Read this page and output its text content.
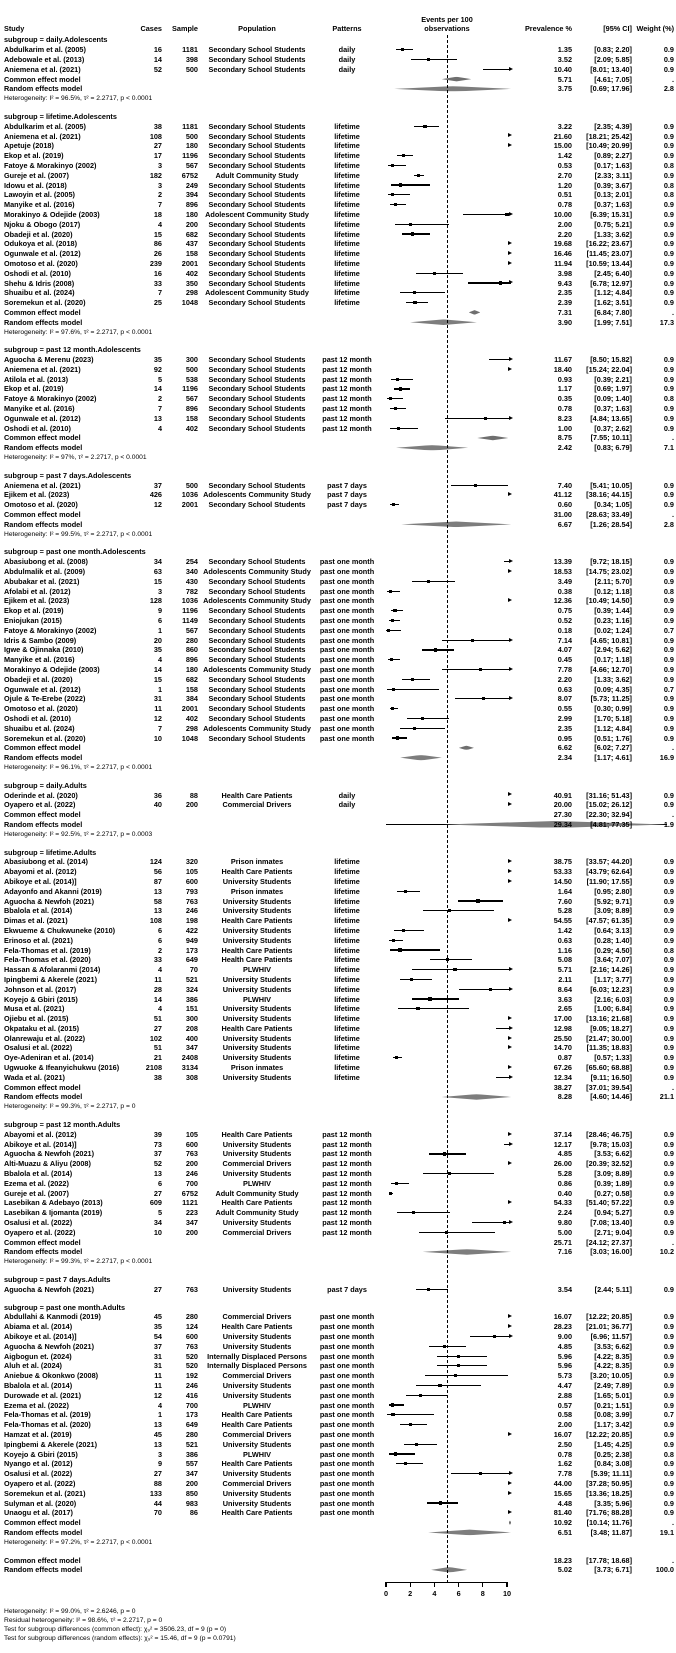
Study	Cases	Sample	Population	Patterns
Events per 100
observations	Prevalence %	[95% CI] Weight (%)
subgroup = daily.Adolescents
Abdulkarim et al. (2005)	16	1181	Secondary School Students	daily	1.35	[0.83; 2.20]	0.9
Adebowale et al. (2013)	14	398	Secondary School Students	daily	3.52	[2.09; 5.85]	0.9
Aniemena et al. (2021)	52	500	Secondary School Students	daily	10.40	[8.01; 13.40]	0.9
Common effect model	5.71	[4.61; 7.05]	.
Random effects model	3.75	[0.69; 17.96]	2.8
Heterogeneity: I² = 96.5%, τ² = 2.2717, p < 0.0001
subgroup = lifetime.Adolescents
Abdulkarim et al. (2005)	38	1181	Secondary School Students	lifetime	3.22	[2.35; 4.39]	0.9
Aniemena et al. (2021)	108	500	Secondary School Students	lifetime	21.60	[18.21; 25.42]	0.9
Apetuje (2018)	27	180	Secondary School Students	lifetime	15.00	[10.49; 20.99]	0.9
Ekop et al. (2019)	17	1196	Secondary School Students	lifetime	1.42	[0.89; 2.27]	0.9
Fatoye & Morakinyo (2002)	3	567	Secondary School Students	lifetime	0.53	[0.17; 1.63]	0.8
Gureje et al. (2007)	182	6752	Adult Community Study	lifetime	2.70	[2.33; 3.11]	0.9
Idowu et al. (2018)	3	249	Secondary School Students	lifetime	1.20	[0.39; 3.67]	0.8
Lawoyin et al. (2005)	2	394	Secondary School Students	lifetime	0.51	[0.13; 2.01]	0.8
Manyike et al. (2016)	7	896	Secondary School Students	lifetime	0.78	[0.37; 1.63]	0.9
Morakinyo & Odejide (2003)	18	180 Adolescent Community Study	lifetime	10.00	[6.39; 15.31]	0.9
Njoku & Obogo (2017)	4	200	Secondary School Students	lifetime	2.00	[0.75; 5.21]	0.9
Obadeji et al. (2020)	15	682	Secondary School Students	lifetime	2.20	[1.33; 3.62]	0.9
Odukoya et al. (2018)	86	437	Secondary School Students	lifetime	19.68	[16.22; 23.67]	0.9
Ogunwale et al. (2012)	26	158	Secondary School Students	lifetime	16.46	[11.45; 23.07]	0.9
Omotoso et al. (2020)	239	2001	Secondary School Students	lifetime	11.94	[10.59; 13.44]	0.9
Oshodi et al. (2010)	16	402	Secondary School Students	lifetime	3.98	[2.45; 6.40]	0.9
Shehu & Idris (2008)	33	350	Secondary School Students	lifetime	9.43	[6.78; 12.97]	0.9
Shuaibu et al. (2024)	7	298 Adolescent Community Study	lifetime	2.35	[1.12; 4.84]	0.9
Soremekun et al. (2020)	25	1048	Secondary School Students	lifetime	2.39	[1.62; 3.51]	0.9
Common effect model	7.31	[6.84; 7.80]	.
Random effects model	3.90	[1.99; 7.51]	17.3
Heterogeneity: I² = 97.6%, τ² = 2.2717, p < 0.0001
subgroup = past 12 month.Adolescents
Aguocha & Merenu (2023)	35	300	Secondary School Students	past 12 month	11.67	[8.50; 15.82]	0.9
Aniemena et al. (2021)	92	500	Secondary School Students	past 12 month	18.40	[15.24; 22.04]	0.9
Atilola et al. (2013)	5	538	Secondary School Students	past 12 month	0.93	[0.39; 2.21]	0.9
Ekop et al. (2019)	14	1196	Secondary School Students	past 12 month	1.17	[0.69; 1.97]	0.9
Fatoye & Morakinyo (2002)	2	567	Secondary School Students	past 12 month	0.35	[0.09; 1.40]	0.8
Manyike et al. (2016)	7	896	Secondary School Students	past 12 month	0.78	[0.37; 1.63]	0.9
Ogunwale et al. (2012)	13	158	Secondary School Students	past 12 month	8.23	[4.84; 13.65]	0.9
Oshodi et al. (2010)	4	402	Secondary School Students	past 12 month	1.00	[0.37; 2.62]	0.9
Common effect model	8.75	[7.55; 10.11]	.
Random effects model	2.42	[0.83; 6.79]	7.1
Heterogeneity: I² = 97%, τ² = 2.2717, p < 0.0001
subgroup = past 7 days.Adolescents
Aniemena et al. (2021)	37	500	Secondary School Students	past 7 days	7.40	[5.41; 10.05]	0.9
Ejikem et al. (2023)	426	1036 Adolescents Community Study	past 7 days	41.12	[38.16; 44.15]	0.9
Omotoso et al. (2020)	12	2001	Secondary School Students	past 7 days	0.60	[0.34; 1.05]	0.9
Common effect model	31.00	[28.63; 33.49]	.
Random effects model	6.67	[1.26; 28.54]	2.8
Heterogeneity: I² = 99.5%, τ² = 2.2717, p < 0.0001
subgroup = past one month.Adolescents
Abasiubong et al. (2008)	34	254	Secondary School Students	past one month	13.39	[9.72; 18.15]	0.9
Abdulmalik et al. (2009)	63	340 Adolescents Community Study	past one month	18.53	[14.75; 23.02]	0.9
Abubakar et al. (2021)	15	430	Secondary School Students	past one month	3.49	[2.11; 5.70]	0.9
Afolabi et al. (2012)	3	782	Secondary School Students	past one month	0.38	[0.12; 1.18]	0.8
Ejikem et al. (2023)	128	1036 Adolescents Community Study	past one month	12.36	[10.49; 14.50]	0.9
Ekop et al. (2019)	9	1196	Secondary School Students	past one month	0.75	[0.39; 1.44]	0.9
Eniojukan (2015)	6	1149	Secondary School Students	past one month	0.52	[0.23; 1.16]	0.9
Fatoye & Morakinyo (2002)	1	567	Secondary School Students	past one month	0.18	[0.02; 1.24]	0.7
Idris & Sambo (2009)	20	280	Secondary School Students	past one month	7.14	[4.65; 10.81]	0.9
Igwe & Ojinnaka (2010)	35	860	Secondary School Students	past one month	4.07	[2.94; 5.62]	0.9
Manyike et al. (2016)	4	896	Secondary School Students	past one month	0.45	[0.17; 1.18]	0.9
Morakinyo & Odejide (2003)	14	180 Adolescents Community Study	past one month	7.78	[4.66; 12.70]	0.9
Obadeji et al. (2020)	15	682	Secondary School Students	past one month	2.20	[1.33; 3.62]	0.9
Ogunwale et al. (2012)	1	158	Secondary School Students	past one month	0.63	[0.09; 4.35]	0.7
Ojule & Te-Erebe (2022)	31	384	Secondary School Students	past one month	8.07	[5.73; 11.25]	0.9
Omotoso et al. (2020)	11	2001	Secondary School Students	past one month	0.55	[0.30; 0.99]	0.9
Oshodi et al. (2010)	12	402	Secondary School Students	past one month	2.99	[1.70; 5.18]	0.9
Shuaibu et al. (2024)	7	298 Adolescents Community Study	past one month	2.35	[1.12; 4.84]	0.9
Soremekun et al. (2020)	10	1048	Secondary School Students	past one month	0.95	[0.51; 1.76]	0.9
Common effect model	6.62	[6.02; 7.27]	.
Random effects model	2.34	[1.17; 4.61]	16.9
Heterogeneity: I² = 96.1%, τ² = 2.2717, p < 0.0001
subgroup = daily.Adults
Oderinde et al. (2020)	36	88	Health Care Patients	daily	40.91	[31.16; 51.43]	0.9
Oyapero et al. (2022)	40	200	Commercial Drivers	daily	20.00	[15.02; 26.12]	0.9
Common effect model	27.30	[22.30; 32.94]	.
Random effects model	29.34	[4.81; 77.35]	1.9
Heterogeneity: I² = 92.5%, τ² = 2.2717, p = 0.0003
subgroup = lifetime.Adults
Abasiubong et al. (2014)	124	320	Prison inmates	lifetime	38.75	[33.57; 44.20]	0.9
Abayomi et al. (2012)	56	105	Health Care Patients	lifetime	53.33	[43.79; 62.64]	0.9
Abikoye et al. (2014)]	87	600	University Students	lifetime	14.50	[11.90; 17.55]	0.9
Adayonfo and Akanni (2019)	13	793	Prison inmates	lifetime	1.64	[0.95; 2.80]	0.9
Aguocha & Newfoh (2021)	58	763	University Students	lifetime	7.60	[5.92; 9.71]	0.9
Bbalola et al. (2014)	13	246	University Students	lifetime	5.28	[3.09; 8.89]	0.9
Dimas et al. (2021)	108	198	Health Care Patients	lifetime	54.55	[47.57; 61.35]	0.9
Ekwueme & Chukwuneke (2010)	6	422	University Students	lifetime	1.42	[0.64; 3.13]	0.9
Erinoso et al. (2021)	6	949	University Students	lifetime	0.63	[0.28; 1.40]	0.9
Fela-Thomas et al. (2019)	2	173	Health Care Patients	lifetime	1.16	[0.29; 4.50]	0.8
Fela-Thomas et al. (2020)	33	649	Health Care Patients	lifetime	5.08	[3.64; 7.07]	0.9
Hassan & Afolaranmi (2014)	4	70	PLWHIV	lifetime	5.71	[2.16; 14.26]	0.9
Ipingbemi & Akerele (2021)	11	521	University Students	lifetime	2.11	[1.17; 3.77]	0.9
Johnson et al. (2017)	28	324	University Students	lifetime	8.64	[6.03; 12.23]	0.9
Koyejo & Gbiri (2015)	14	386	PLWHIV	lifetime	3.63	[2.16; 6.03]	0.9
Musa et al. (2021)	4	151	University Students	lifetime	2.65	[1.00; 6.84]	0.9
Ojiebu et al. (2015)	51	300	University Students	lifetime	17.00	[13.16; 21.68]	0.9
Okpataku et al. (2015)	27	208	Health Care Patients	lifetime	12.98	[9.05; 18.27]	0.9
Olanrewaju et al. (2022)	102	400	University Students	lifetime	25.50	[21.47; 30.00]	0.9
Osalusi et al. (2022)	51	347	University Students	lifetime	14.70	[11.35; 18.83]	0.9
Oye-Adeniran et al. (2014)	21	2408	University Students	lifetime	0.87	[0.57; 1.33]	0.9
Ugwuoke & Ifeanyichukwu (2016)	2108	3134	Prison inmates	lifetime	67.26	[65.60; 68.88]	0.9
Wada et al. (2021)	38	308	University Students	lifetime	12.34	[9.11; 16.50]	0.9
Common effect model	38.27	[37.01; 39.54]	.
Random effects model	8.28	[4.60; 14.46]	21.1
Heterogeneity: I² = 99.3%, τ² = 2.2717, p = 0
subgroup = past 12 month.Adults
Abayomi et al. (2012)	39	105	Health Care Patients	past 12 month	37.14	[28.46; 46.75]	0.9
Abikoye et al. (2014)]	73	600	University Students	past 12 month	12.17	[9.78; 15.03]	0.9
Aguocha & Newfoh (2021)	37	763	University Students	past 12 month	4.85	[3.53; 6.62]	0.9
Alti-Muazu & Aliyu (2008)	52	200	Commercial Drivers	past 12 month	26.00	[20.39; 32.52]	0.9
Bbalola et al. (2014)	13	246	University Students	past 12 month	5.28	[3.09; 8.89]	0.9
Ezema et al. (2022)	6	700	PLWHIV	past 12 month	0.86	[0.39; 1.89]	0.9
Gureje et al. (2007)	27	6752	Adult Community Study	past 12 month	0.40	[0.27; 0.58]	0.9
Lasebikan & Adebayo (2013)	609	1121	Health Care Patients	past 12 month	54.33	[51.40; 57.22]	0.9
Lasebikan & Ijomanta (2019)	5	223	Adult Community Study	past 12 month	2.24	[0.94; 5.27]	0.9
Osalusi et al. (2022)	34	347	University Students	past 12 month	9.80	[7.08; 13.40]	0.9
Oyapero et al. (2022)	10	200	Commercial Drivers	past 12 month	5.00	[2.71; 9.04]	0.9
Common effect model	25.71	[24.12; 27.37]	.
Random effects model	7.16	[3.03; 16.00]	10.2
Heterogeneity: I² = 99.3%, τ² = 2.2717, p < 0.0001
subgroup = past 7 days.Adults
Aguocha & Newfoh (2021)	27	763	University Students	past 7 days	3.54	[2.44; 5.11]	0.9
subgroup = past one month.Adults
Abdullahi & Kanmodi (2019)	45	280	Commercial Drivers	past one month	16.07	[12.22; 20.85]	0.9
Abiama et al. (2014)	35	124	Health Care Patients	past one month	28.23	[21.01; 36.77]	0.9
Abikoye et al. (2014)]	54	600	University Students	past one month	9.00	[6.96; 11.57]	0.9
Aguocha & Newfoh (2021)	37	763	University Students	past one month	4.85	[3.53; 6.62]	0.9
Aigbogun et. (2024)	31	520	Internally Displaced Persons	past one month	5.96	[4.22; 8.35]	0.9
Aluh et al. (2024)	31	520	Internally Displaced Persons	past one month	5.96	[4.22; 8.35]	0.9
Aniebue & Okonkwo (2008)	11	192	Commercial Drivers	past one month	5.73	[3.20; 10.05]	0.9
Bbalola et al. (2014)	11	246	University Students	past one month	4.47	[2.49; 7.89]	0.9
Durowade et al. (2021)	12	416	University Students	past one month	2.88	[1.65; 5.01]	0.9
Ezema et al. (2022)	4	700	PLWHIV	past one month	0.57	[0.21; 1.51]	0.9
Fela-Thomas et al. (2019)	1	173	Health Care Patients	past one month	0.58	[0.08; 3.99]	0.7
Fela-Thomas et al. (2020)	13	649	Health Care Patients	past one month	2.00	[1.17; 3.42]	0.9
Hamzat et al. (2019)	45	280	Commercial Drivers	past one month	16.07	[12.22; 20.85]	0.9
Ipingbemi & Akerele (2021)	13	521	University Students	past one month	2.50	[1.45; 4.25]	0.9
Koyejo & Gbiri (2015)	3	386	PLWHIV	past one month	0.78	[0.25; 2.38]	0.8
Nyango et al. (2012)	9	557	Health Care Patients	past one month	1.62	[0.84; 3.08]	0.9
Osalusi et al. (2022)	27	347	University Students	past one month	7.78	[5.39; 11.11]	0.9
Oyapero et al. (2022)	88	200	Commercial Drivers	past one month	44.00	[37.28; 50.95]	0.9
Soremekun et al. (2021)	133	850	University Students	past one month	15.65	[13.36; 18.25]	0.9
Sulyman et al. (2020)	44	983	University Students	past one month	4.48	[3.35; 5.96]	0.9
Unaogu et al. (2017)	70	86	Health Care Patients	past one month	81.40	[71.76; 88.28]	0.9
Common effect model	10.92	[10.14; 11.76]	.
Random effects model	6.51	[3.48; 11.87]	19.1
Heterogeneity: I² = 97.2%, τ² = 2.2717, p < 0.0001
Common effect model	18.23	[17.78; 18.68]	.
Random effects model	5.02	[3.73; 6.71]	100.0
0	2	4	6	8	10
Heterogeneity: I² = 99.0%, τ² = 2.6246, p = 0
Residual heterogeneity: I² = 98.6%, τ² = 2.2717, p = 0
Test for subgroup differences (common effect): χ₉² = 3506.23, df = 9 (p = 0)
Test for subgroup differences (random effects): χ₉² = 15.46, df = 9 (p = 0.0791)
